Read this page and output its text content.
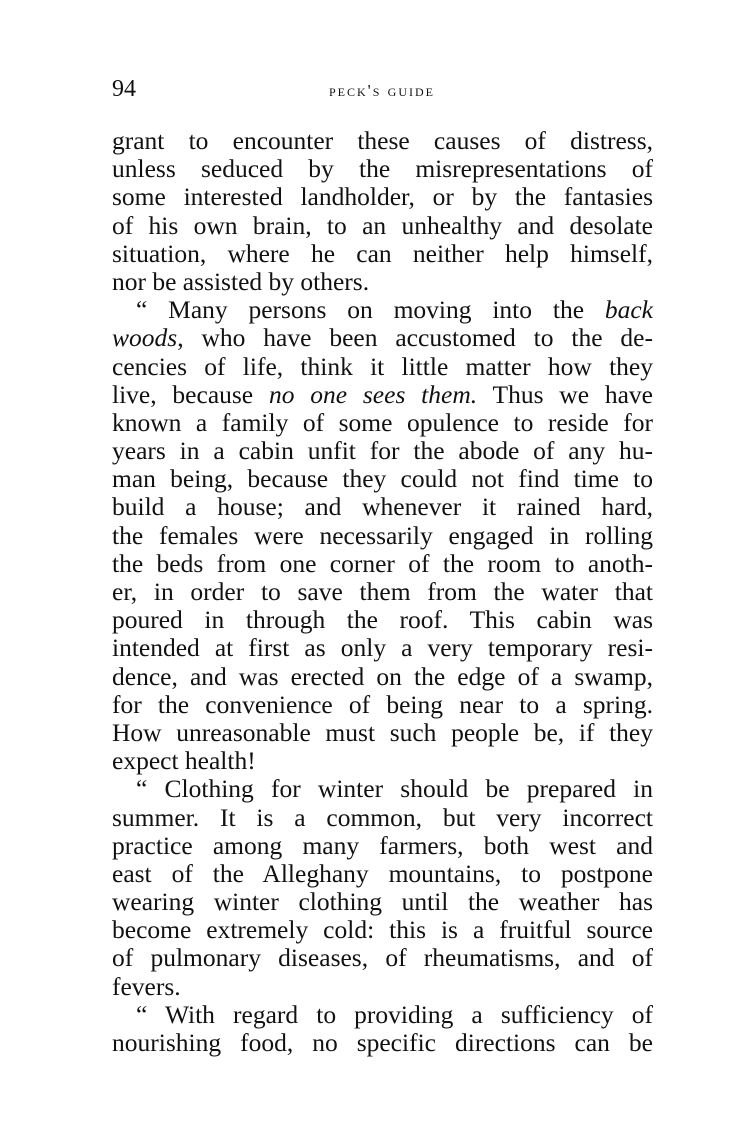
94	peck's guide
grant to encounter these causes of distress,
unless seduced by the misrepresentations of
some interested landholder, or by the fantasies
of his own brain, to an unhealthy and desolate
situation, where he can neither help himself,
nor be assisted by others.
“ Many persons on moving into the back
woods, who have been accustomed to the de-
cencies of life, think it little matter how they
live, because no one sees them. Thus we have
known a family of some opulence to reside for
years in a cabin unfit for the abode of any hu-
man being, because they could not find time to
build a house; and whenever it rained hard,
the females were necessarily engaged in rolling
the beds from one corner of the room to anoth-
er, in order to save them from the water that
poured in through the roof. This cabin was
intended at first as only a very temporary resi-
dence, and was erected on the edge of a swamp,
for the convenience of being near to a spring.
How unreasonable must such people be, if they
expect health!
“ Clothing for winter should be prepared in
summer. It is a common, but very incorrect
practice among many farmers, both west and
east of the Alleghany mountains, to postpone
wearing winter clothing until the weather has
become extremely cold: this is a fruitful source
of pulmonary diseases, of rheumatisms, and of
fevers.
“ With regard to providing a sufficiency of
nourishing food, no specific directions can be
